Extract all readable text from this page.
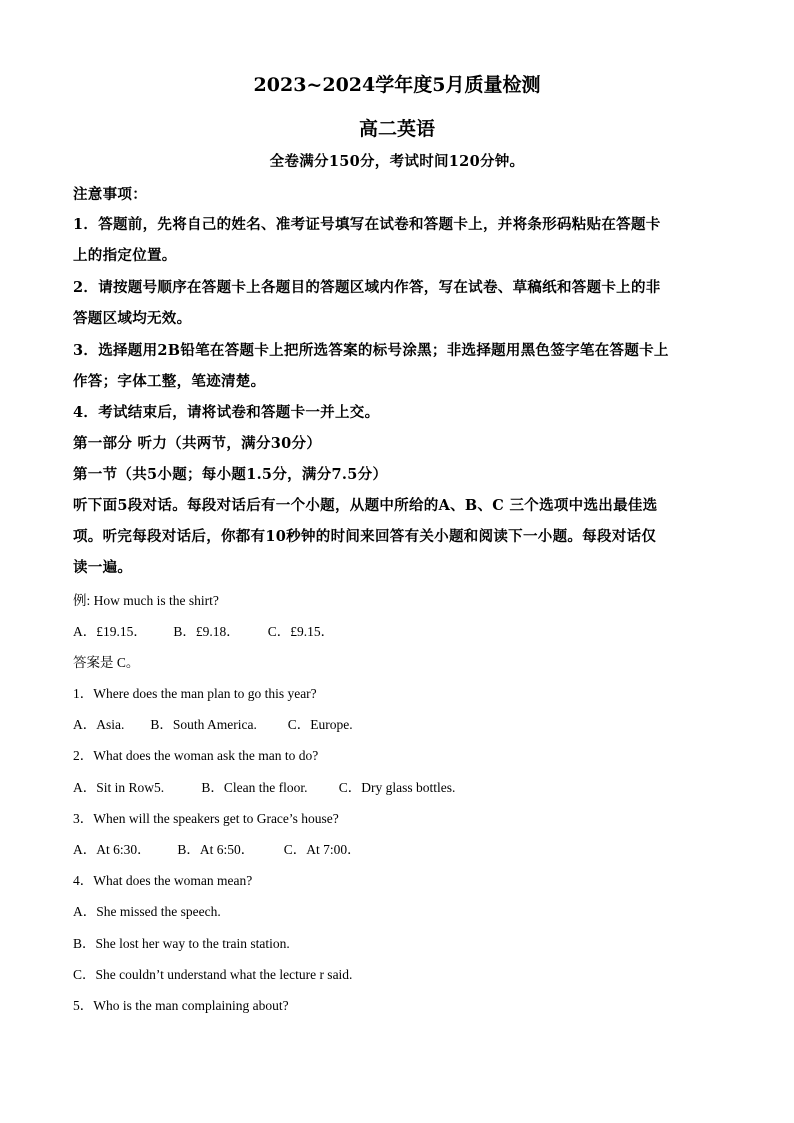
2023~2024学年度5月质量检测
高二英语
全卷满分150分，考试时间120分钟。
注意事项：
1．答题前，先将自己的姓名、准考证号填写在试卷和答题卡上，并将条形码粘贴在答题卡
上的指定位置。
2．请按题号顺序在答题卡上各题目的答题区域内作答，写在试卷、草稿纸和答题卡上的非
答题区域均无效。
3．选择题用2B铅笔在答题卡上把所选答案的标号涂黑；非选择题用黑色签字笔在答题卡上
作答；字体工整，笔迹清楚。
4．考试结束后，请将试卷和答题卡一并上交。
第一部分 听力（共两节，满分30分）
第一节（共5小题；每小题1.5分，满分7.5分）
听下面5段对话。每段对话后有一个小题，从题中所给的A、B、C 三个选项中选出最佳选
项。听完每段对话后，你都有10秒钟的时间来回答有关小题和阅读下一小题。每段对话仅
读一遍。
例: How much is the shirt?
A．£19.15． B．£9.18． C．£9.15．
答案是 C。
1．Where does the man plan to go this year?
A．Asia. B．South America. C．Europe.
2．What does the woman ask the man to do?
A．Sit in Row5.	B．Clean the floor. C．Dry glass bottles.
3．When will the speakers get to Grace’s house?
A．At 6:30． B．At 6:50． C．At 7:00．
4．What does the woman mean?
A．She missed the speech.
B．She lost her way to the train station.
C．She couldn’t understand what the lecture r said.
5．Who is the man complaining about?
